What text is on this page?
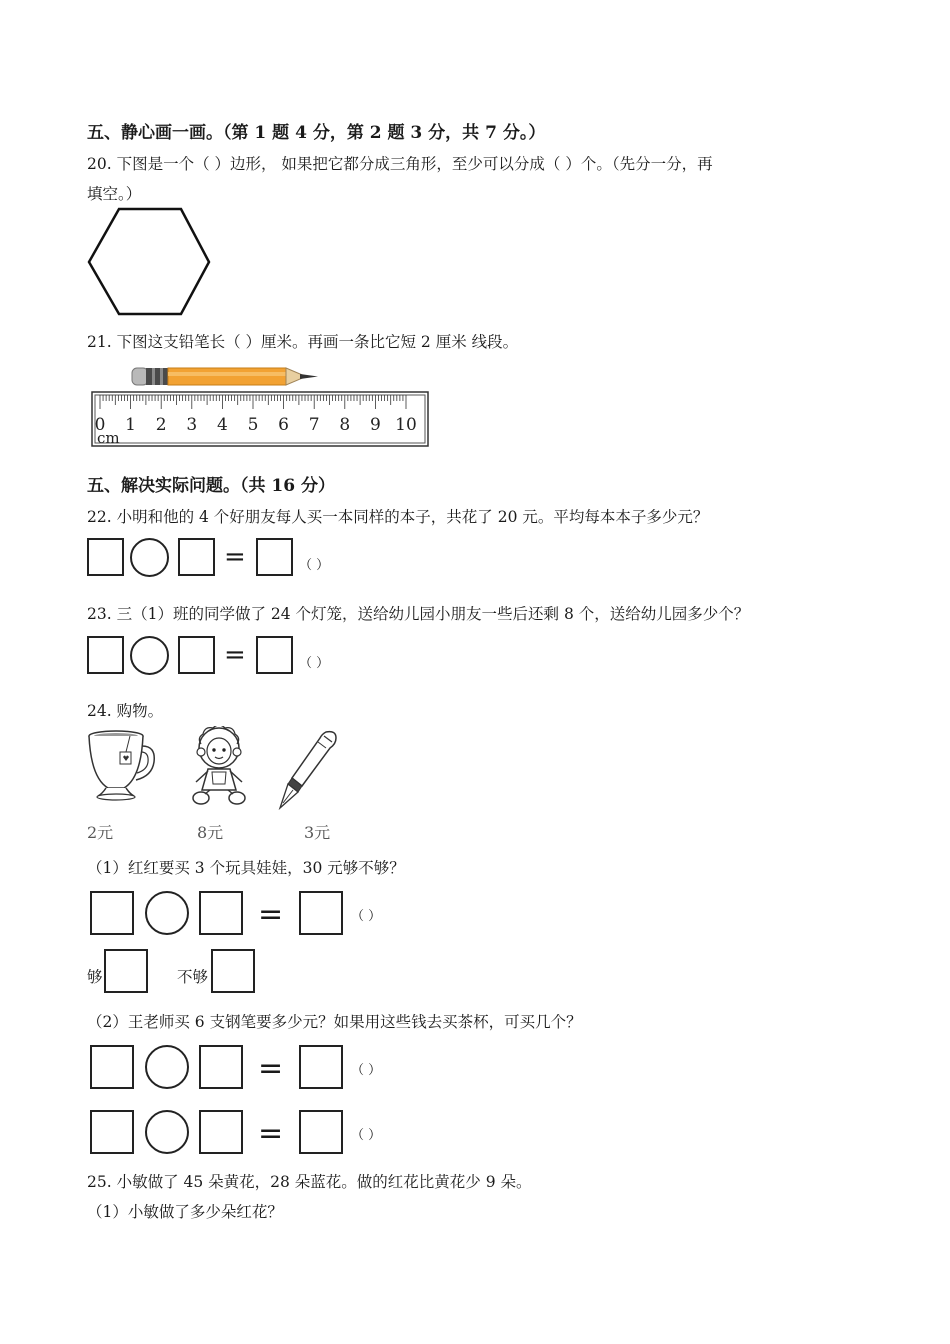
五、静心画一画。（第 1 题 4 分，第 2 题 3 分，共 7 分。）
20. 下图是一个（ ）边形， 如果把它都分成三角形，至少可以分成（ ）个。（先分一分，再
填空。）
21. 下图这支铅笔长（ ）厘米。再画一条比它短 2 厘米 线段。
0 1 2 3 4 5 6 7 8 9 10
cm
五、解决实际问题。（共 16 分）
22. 小明和他的 4 个好朋友每人买一本同样的本子，共花了 20 元。平均每本本子多少元？
=	（ ）
23. 三（1）班的同学做了 24 个灯笼，送给幼儿园小朋友一些后还剩 8 个，送给幼儿园多少个？
=	（ ）
24. 购物。
2元	8元	3元
（1）红红要买 3 个玩具娃娃，30 元够不够？
=	（ ）
够	不够
（2）王老师买 6 支钢笔要多少元？如果用这些钱去买茶杯，可买几个？
=	（ ）
=	（ ）
25. 小敏做了 45 朵黄花，28 朵蓝花。做的红花比黄花少 9 朵。
（1）小敏做了多少朵红花？
